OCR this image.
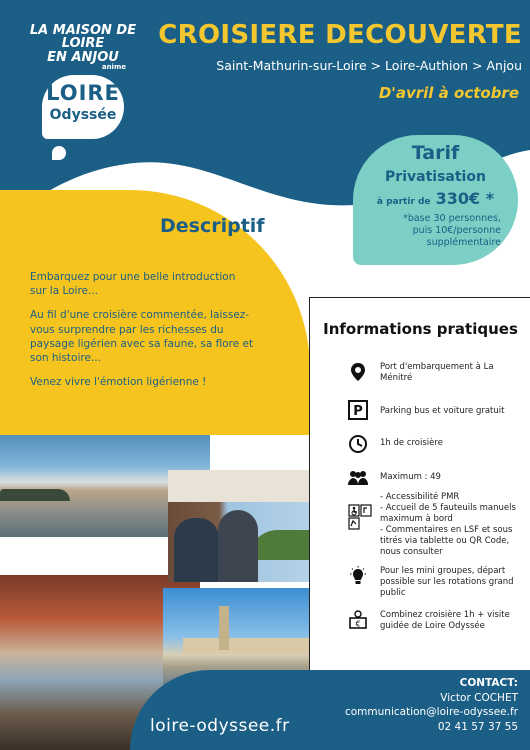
LA MAISON DE LOIRE
EN ANJOU
anime
LOIRE
Odyssée
CROISIERE DECOUVERTE
Saint-Mathurin-sur-Loire > Loire-Authion > Anjou
D'avril à octobre
Tarif
Privatisation
à partir de 330€ *
*base 30 personnes,
puis 10€/personne
supplémentaire
Descriptif

Embarquez pour une belle introduction sur la Loire...

Au fil d'une croisière commentée, laissez-vous surprendre par les richesses du paysage ligérien avec sa faune, sa flore et son histoire...

Venez vivre l'émotion ligérienne !

Informations pratiques
Port d'embarquement à La Ménitré
P Parking bus et voiture gratuit
1h de croisière
Maximum : 49
- Accessibilité PMR
- Accueil de 5 fauteuils manuels maximum à bord
- Commentaires en LSF et sous titrés via tablette ou QR Code, nous consulter
Pour les mini groupes, départ possible sur les rotations grand public
€
Combinez croisière 1h + visite guidée de Loire Odyssée
loire-odyssee.fr
CONTACT:
Victor COCHET
communication@loire-odyssee.fr
02 41 57 37 55
